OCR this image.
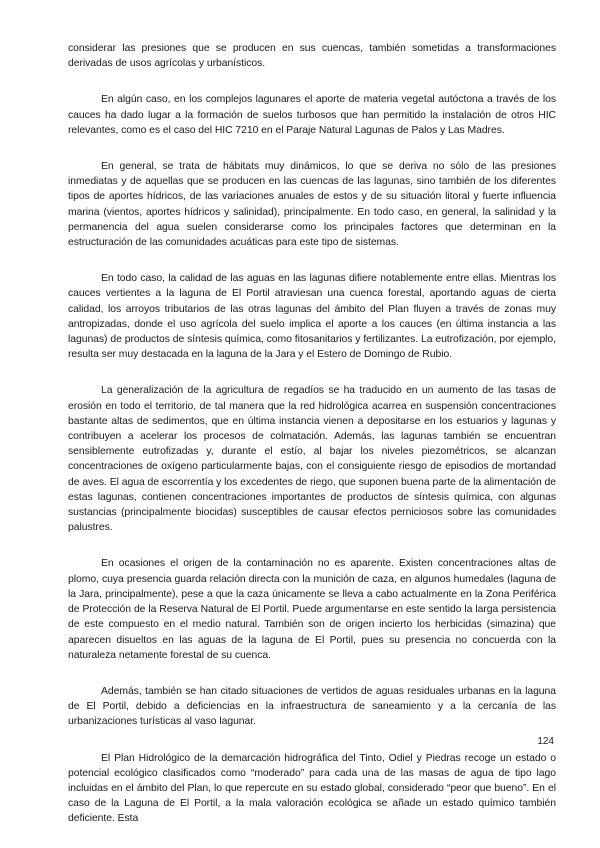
considerar las presiones que se producen en sus cuencas, también sometidas a transformaciones derivadas de usos agrícolas y urbanísticos.

En algún caso, en los complejos lagunares el aporte de materia vegetal autóctona a través de los cauces ha dado lugar a la formación de suelos turbosos que han permitido la instalación de otros HIC relevantes, como es el caso del HIC 7210 en el Paraje Natural Lagunas de Palos y Las Madres.

En general, se trata de hábitats muy dinámicos, lo que se deriva no sólo de las presiones inmediatas y de aquellas que se producen en las cuencas de las lagunas, sino también de los diferentes tipos de aportes hídricos, de las variaciones anuales de estos y de su situación litoral y fuerte influencia marina (vientos, aportes hídricos y salinidad), principalmente. En todo caso, en general, la salinidad y la permanencia del agua suelen considerarse como los principales factores que determinan en la estructuración de las comunidades acuáticas para este tipo de sistemas.

En todo caso, la calidad de las aguas en las lagunas difiere notablemente entre ellas. Mientras los cauces vertientes a la laguna de El Portil atraviesan una cuenca forestal, aportando aguas de cierta calidad, los arroyos tributarios de las otras lagunas del ámbito del Plan fluyen a través de zonas muy antropizadas, donde el uso agrícola del suelo implica el aporte a los cauces (en última instancia a las lagunas) de productos de síntesis química, como fitosanitarios y fertilizantes. La eutrofización, por ejemplo, resulta ser muy destacada en la laguna de la Jara y el Estero de Domingo de Rubio.

La generalización de la agricultura de regadíos se ha traducido en un aumento de las tasas de erosión en todo el territorio, de tal manera que la red hidrológica acarrea en suspensión concentraciones bastante altas de sedimentos, que en última instancia vienen a depositarse en los estuarios y lagunas y contribuyen a acelerar los procesos de colmatación. Además, las lagunas también se encuentran sensiblemente eutrofizadas y, durante el estío, al bajar los niveles piezométricos, se alcanzan concentraciones de oxígeno particularmente bajas, con el consiguiente riesgo de episodios de mortandad de aves. El agua de escorrentía y los excedentes de riego, que suponen buena parte de la alimentación de estas lagunas, contienen concentraciones importantes de productos de síntesis química, con algunas sustancias (principalmente biocidas) susceptibles de causar efectos perniciosos sobre las comunidades palustres.

En ocasiones el origen de la contaminación no es aparente. Existen concentraciones altas de plomo, cuya presencia guarda relación directa con la munición de caza, en algunos humedales (laguna de la Jara, principalmente), pese a que la caza únicamente se lleva a cabo actualmente en la Zona Periférica de Protección de la Reserva Natural de El Portil. Puede argumentarse en este sentido la larga persistencia de este compuesto en el medio natural. También son de origen incierto los herbicidas (simazina) que aparecen disueltos en las aguas de la laguna de El Portil, pues su presencia no concuerda con la naturaleza netamente forestal de su cuenca.

Además, también se han citado situaciones de vertidos de aguas residuales urbanas en la laguna de El Portil, debido a deficiencias en la infraestructura de saneamiento y a la cercanía de las urbanizaciones turísticas al vaso lagunar.

El Plan Hidrológico de la demarcación hidrográfica del Tinto, Odiel y Piedras recoge un estado o potencial ecológico clasificados como “moderado” para cada una de las masas de agua de tipo lago incluidas en el ámbito del Plan, lo que repercute en su estado global, considerado “peor que bueno”. En el caso de la Laguna de El Portil, a la mala valoración ecológica se añade un estado químico también deficiente. Esta

124
